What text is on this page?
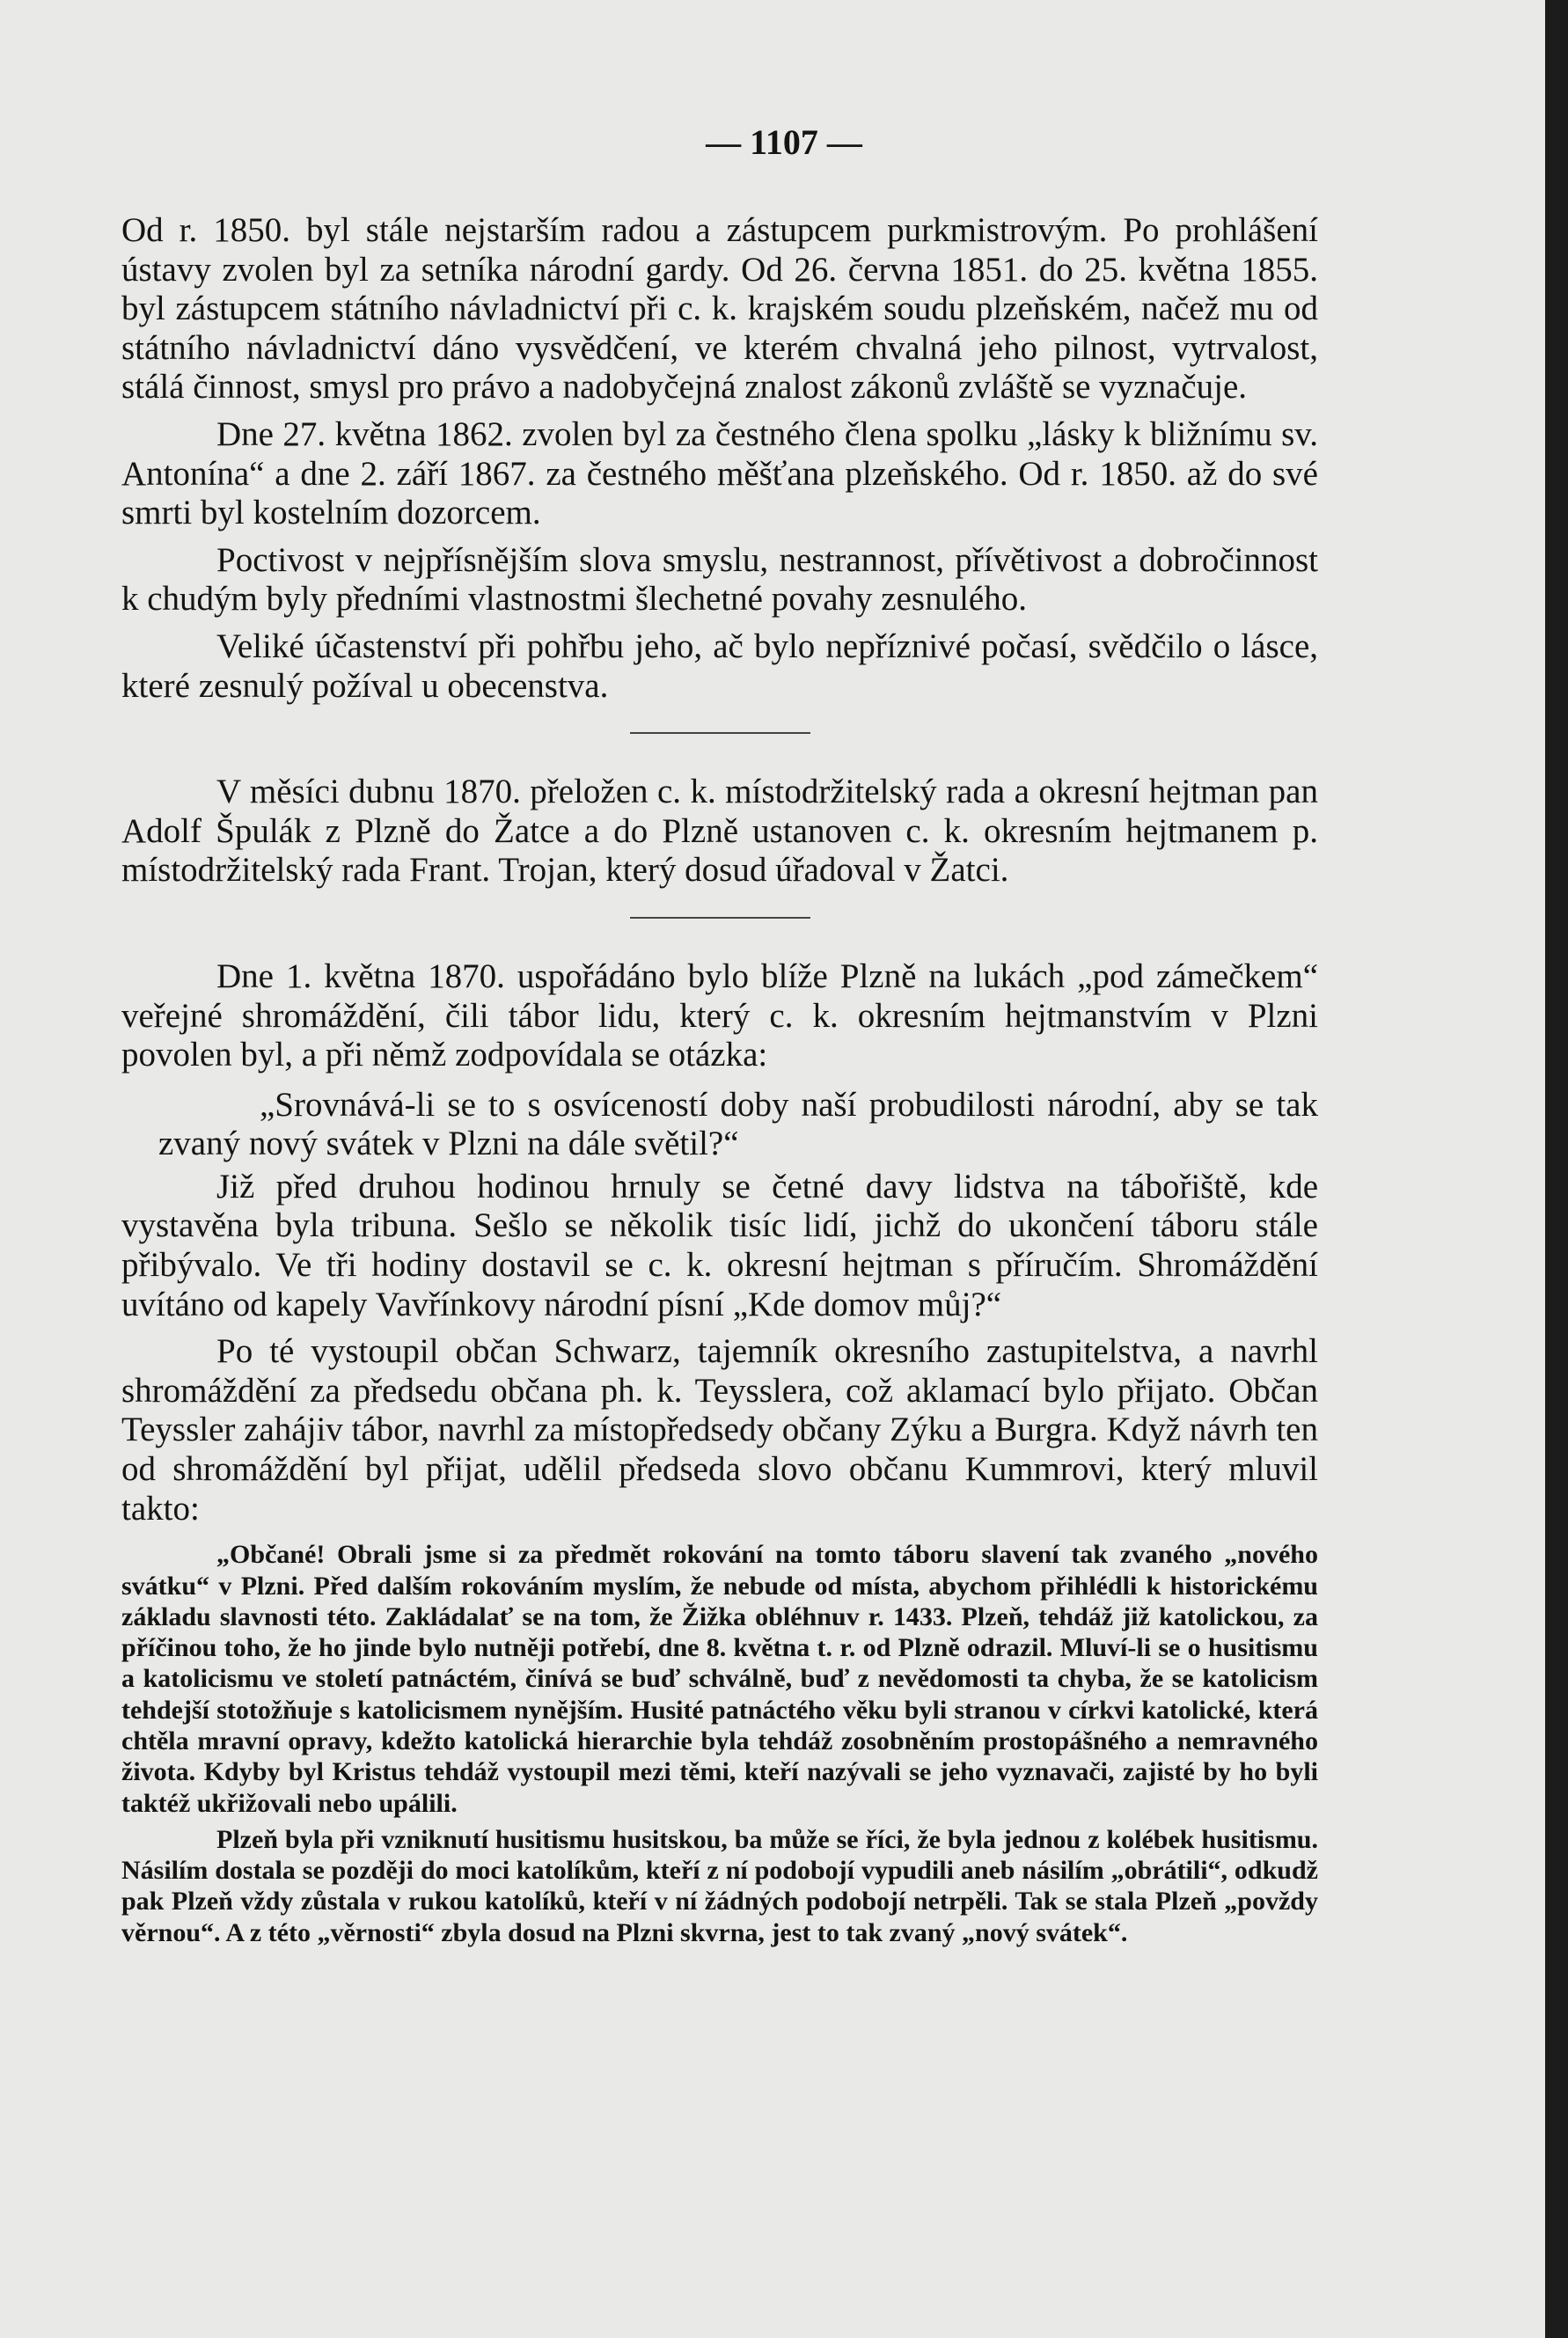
— 1107 —

Od r. 1850. byl stále nejstarším radou a zástupcem purkmistrovým. Po prohlášení ústavy zvolen byl za setníka národní gardy. Od 26. června 1851. do 25. května 1855. byl zástupcem státního návladnictví při c. k. krajském soudu plzeňském, načež mu od státního návladnictví dáno vysvědčení, ve kterém chvalná jeho pilnost, vytrvalost, stálá činnost, smysl pro právo a nadobyčejná znalost zákonů zvláště se vyznačuje.

Dne 27. května 1862. zvolen byl za čestného člena spolku „lásky k bližnímu sv. Antonína“ a dne 2. září 1867. za čestného měšťana plzeňského. Od r. 1850. až do své smrti byl kostelním dozorcem.

Poctivost v nejpřísnějším slova smyslu, nestrannost, přívětivost a dobročinnost k chudým byly předními vlastnostmi šlechetné povahy zesnulého.

Veliké účastenství při pohřbu jeho, ač bylo nepříznivé počasí, svědčilo o lásce, které zesnulý požíval u obecenstva.

V měsíci dubnu 1870. přeložen c. k. místodržitelský rada a okresní hejtman pan Adolf Špulák z Plzně do Žatce a do Plzně ustanoven c. k. okresním hejtmanem p. místodržitelský rada Frant. Trojan, který dosud úřadoval v Žatci.

Dne 1. května 1870. uspořádáno bylo blíže Plzně na lukách „pod zámečkem“ veřejné shromáždění, čili tábor lidu, který c. k. okresním hejtmanstvím v Plzni povolen byl, a při němž zodpovídala se otázka:

„Srovnává-li se to s osvíceností doby naší probudilosti národní, aby se tak zvaný nový svátek v Plzni na dále světil?“

Již před druhou hodinou hrnuly se četné davy lidstva na tábořiště, kde vystavěna byla tribuna. Sešlo se několik tisíc lidí, jichž do ukončení táboru stále přibývalo. Ve tři hodiny dostavil se c. k. okresní hejtman s příručím. Shromáždění uvítáno od kapely Vavřínkovy národní písní „Kde domov můj?“

Po té vystoupil občan Schwarz, tajemník okresního zastupitelstva, a navrhl shromáždění za předsedu občana ph. k. Teysslera, což aklamací bylo přijato. Občan Teyssler zahájiv tábor, navrhl za místopředsedy občany Zýku a Burgra. Když návrh ten od shromáždění byl přijat, udělil předseda slovo občanu Kummrovi, který mluvil takto:

„Občané! Obrali jsme si za předmět rokování na tomto táboru slavení tak zvaného „nového svátku“ v Plzni. Před dalším rokováním myslím, že nebude od místa, abychom přihlédli k historickému základu slavnosti této. Zakládalať se na tom, že Žižka obléhnuv r. 1433. Plzeň, tehdáž již katolickou, za příčinou toho, že ho jinde bylo nutněji potřebí, dne 8. května t. r. od Plzně odrazil. Mluví-li se o husitismu a katolicismu ve století patnáctém, činívá se buď schválně, buď z nevědomosti ta chyba, že se katolicism tehdejší stotožňuje s katolicismem nynějším. Husité patnáctého věku byli stranou v církvi katolické, která chtěla mravní opravy, kdežto katolická hierarchie byla tehdáž zosobněním prostopášného a nemravného života. Kdyby byl Kristus tehdáž vystoupil mezi těmi, kteří nazývali se jeho vyznavači, zajisté by ho byli taktéž ukřižovali nebo upálili.

Plzeň byla při vzniknutí husitismu husitskou, ba může se říci, že byla jednou z kolébek husitismu. Násilím dostala se později do moci katolíkům, kteří z ní podobojí vypudili aneb násilím „obrátili“, odkudž pak Plzeň vždy zůstala v rukou katolíků, kteří v ní žádných podobojí netrpěli. Tak se stala Plzeň „povždy věrnou“. A z této „věrnosti“ zbyla dosud na Plzni skvrna, jest to tak zvaný „nový svátek“.
